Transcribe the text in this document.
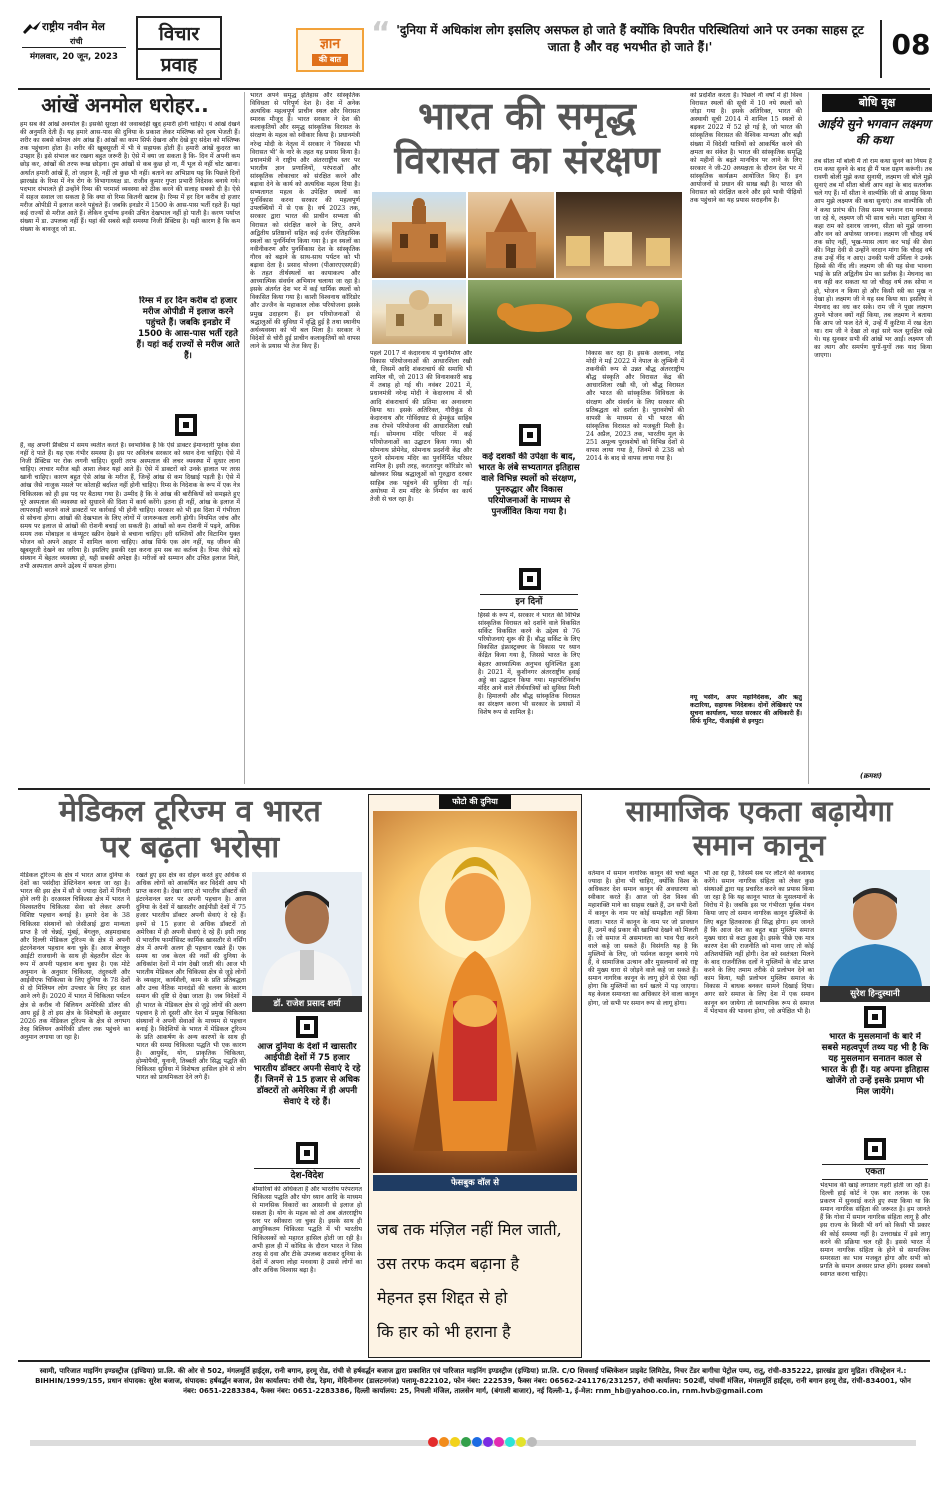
राष्ट्रीय नवीन मेल
रांची
मंगलवार, 20 जून, 2023
विचार
प्रवाह
ज्ञान
की बात
“ 'दुनिया में अधिकांश लोग इसलिए असफल हो जाते हैं क्योंकि विपरीत परिस्थितियां आने पर उनका साहस टूट जाता है और वह भयभीत हो जाते हैं।'	08
आंखें अनमोल धरोहर..
हम सब की आंखें अनमोल हैं। इसकी सुरक्षा की जवाबदेही खुद हमारी होनी चाहिए। ये आंखें देखने की अनुमति देती हैं। यह हमारे आस-पास की दुनिया के प्रकाश लेकर मस्तिष्क को दृश्य भेजती हैं। शरीर का सबसे कोमल अंग आंख हैं। आंखों का काम सिर्फ देखना और देखे हुए संदेश को मस्तिष्क तक पहुंचाना होता है। शरीर की खूबसूरती में भी ये सहायक होती हैं। हमारी आंखें कुदरत का उपहार हैं। इसे संभाल कर रखना बहुत जरूरी है। ऐसे में क्या जा सकता है कि- दिन में अपनी कम छोड़ कर, आंखों की तरफ रूख छोड़ना। तुम आंखों से कब कुछ हो ना, मैं भूल से नहीं चोट खाना। अर्थात हमारी आंखें हैं, तो जहान है, नहीं तो कुछ भी नहीं। बताने का अभिप्राय यह कि पिछले दिनों झारखंड के रिम्स में नेत्र रोग के विभागाध्यक्ष डा. राजीव कुमार गुप्ता प्रभारी निदेशक बनाये गये। पदभार संभालते ही उन्होंने रिम्स की परमार्श व्यवस्था को ठीक करने की सलाह सबको दी है। ऐसे में सहज सवाल जा सकता है कि क्या वो रिम्स कितनी खराब है। रिम्स में हर दिन करीब दो हजार मरीज ओपीडी में इलाज करने पहुंचते हैं। जबकि इनडोर में 1500 के आस-पास भर्ती रहते हैं। यहां कई राज्यों से मरीज आते हैं। लेकिन दुर्भाग्य इनकी उचित देखभाल नहीं हो पाती है। करण पर्याप्त संख्या में डा. उपलब्ध नहीं हैं। यहां की सबसे बड़ी समस्या निजी प्रैक्टिस है। यही कारण है कि कम संख्या के बावजूद जो डा.
रिम्स में हर दिन करीब दो हजार मरीज ओपीडी में इलाज करने पहुंचते हैं। जबकि इनडोर में 1500 के आस-पास भर्ती रहते हैं। यहां कई राज्यों से मरीज आते हैं।
हैं, वह अपनी प्रैक्टिस में समय व्यतीत करते हैं। स्वभाविक है कि ऐसे डाक्टर ईमानदारी पूर्वक सेवा नहीं दे पाते हैं। यह एक गंभीर समस्या है। इस पर अविलंब सरकार को ध्यान देना चाहिए। ऐसे में निजी प्रैक्टिस पर रोक लगनी चाहिए। दूसरी तरफ अस्पताल की लचर व्यवस्था में सुधार लाना चाहिए। लाचार मरीज बड़ी आशा लेकर यहां आते हैं। ऐसे में डाक्टरों को उनके हालात पर तरस खानी चाहिए। कारण बहुत ऐसे आंख के मरीज हैं, जिन्हें आंख से कम दिखाई पड़ती है। ऐसे में आंख जैसे नाजुक मसले पर कोताही बर्दाश्त नहीं होनी चाहिए। रिम्स के निदेशक के रूप में एक नेत्र चिकित्सक को ही इस पद पर बैठाया गया है। उम्मीद है कि वे आंख की बारीकियों को समझते हुए पूरे अस्पताल की व्यवस्था को सुधारने की दिशा में कार्य करेंगे। इतना ही नहीं, आंख के इलाज में लापरवाही बरतने वाले डाक्टरों पर कार्रवाई भी होनी चाहिए। सरकार को भी इस दिशा में गंभीरता से सोचना होगा। आंखों की देखभाल के लिए लोगों में जागरूकता लानी होगी। नियमित जांच और समय पर इलाज से आंखों की रोशनी बचाई जा सकती है। आंखों को कम रोशनी में पढ़ने, अधिक समय तक मोबाइल व कंप्यूटर स्क्रीन देखने से बचाना चाहिए। हरी सब्जियों और विटामिन युक्त भोजन को अपने आहार में शामिल करना चाहिए। आंख सिर्फ एक अंग नहीं, यह जीवन की खूबसूरती देखने का जरिया है। इसलिए इसकी रक्षा करना हम सब का कर्तव्य है। रिम्स जैसे बड़े संस्थान में बेहतर व्यवस्था हो, यही सबकी अपेक्षा है। मरीजों को सम्मान और उचित इलाज मिले, तभी अस्पताल अपने उद्देश्य में सफल होगा।
भारत अपने समृद्ध इतिहास और सांस्कृतिक विविधता से परिपूर्ण देश है। देश में अनेक अत्यधिक महत्वपूर्ण प्राचीन स्थल और विरासत स्मारक मौजूद हैं। भारत सरकार ने देश की कलाकृतियों और समृद्ध सांस्कृतिक विरासत के संरक्षण के महत्व को स्वीकार किया है। प्रधानमंत्री नरेन्द्र मोदी के नेतृत्व में सरकार ने 'विकास भी विरासत भी' के नारे के तहत यह प्रयास किया है। प्रधानमंत्री ने राष्ट्रीय और अंतरराष्ट्रीय स्तर पर भारतीय ज्ञान प्रणालियों, परंपराओं और सांस्कृतिक लोकाचार को संरक्षित करने और बढ़ावा देने के कार्य को अत्यधिक महत्व दिया है। सभ्यतागत महत्व के उपेक्षित स्थलों का पुनर्विकास करना सरकार की महत्वपूर्ण उपलब्धियों में से एक है। वर्ष 2023 तक, सरकार द्वारा भारत की प्राचीन सभ्यता की विरासत को संरक्षित करने के लिए, अपने अद्वितीय प्रतिष्ठानों सहित कई दर्जन ऐतिहासिक स्थलों का पुनर्निर्माण किया गया है। इन स्थलों का नवीनीकरण और पुनर्विकास देश के सांस्कृतिक गौरव को बढ़ाने के साथ-साथ पर्यटन को भी बढ़ावा देता है। प्रसाद योजना (पीआरएएसएडी) के तहत तीर्थस्थलों का कायाकल्प और आध्यात्मिक संवर्धन अभियान चलाया जा रहा है। इसके अंतर्गत देश भर में कई धार्मिक स्थलों को विकसित किया गया है। काशी विश्वनाथ कॉरिडोर और उज्जैन के महाकाल लोक परियोजना इसके प्रमुख उदाहरण हैं। इन परियोजनाओं से श्रद्धालुओं की सुविधा में वृद्धि हुई है तथा स्थानीय अर्थव्यवस्था को भी बल मिला है। सरकार ने विदेशों से चोरी हुई प्राचीन कलाकृतियों को वापस लाने के प्रयास भी तेज किए हैं।
भारत की समृद्ध
विरासत का संरक्षण
पहले 2017 में केदारनाथ में पुनर्निर्माण और विकास परियोजनाओं की आधारशिला रखी थी, जिसमें आदि शंकराचार्य की समाधि भी शामिल थी, जो 2013 की विनाशकारी बाढ़ में तबाह हो गई थी। नवंबर 2021 में, प्रधानमंत्री नरेन्द्र मोदी ने केदारनाथ में श्री आदि शंकराचार्य की प्रतिमा का अनावरण किया था। इसके अतिरिक्त, गौरीकुंड से केदारनाथ और गोविंदघाट से हेमकुंड साहिब तक रोपवे परियोजना की आधारशिला रखी गई। सोमनाथ मंदिर परिसर में कई परियोजनाओं का उद्घाटन किया गया। श्री सोमनाथ प्रोमेनेड, सोमनाथ प्रदर्शनी केंद्र और पुराने सोमनाथ मंदिर का पुनर्निर्मित परिसर शामिल है। इसी तरह, करतारपुर कॉरिडोर को खोलकर सिख श्रद्धालुओं को गुरुद्वारा दरबार साहिब तक पहुंचने की सुविधा दी गई। अयोध्या में राम मंदिर के निर्माण का कार्य तेजी से चल रहा है।
कई दशकों की उपेक्षा के बाद, भारत के लंबे सभ्यतागत इतिहास वाले विभिन्न स्थलों को संरक्षण, पुनरुद्धार और विकास परियोजनाओं के माध्यम से पुनर्जीवित किया गया है।
इन दिनों
हिस्से के रूप में, सरकार ने भारत की विभिन्न सांस्कृतिक विरासत को दर्शाने वाले विकसित सर्किट विकसित करने के उद्देश्य से 76 परियोजनाएं शुरू की हैं। बौद्ध सर्किट के लिए विकसित इंफ्रास्ट्रक्चर के विकास पर ध्यान केंद्रित किया गया है, जिससे भारत के लिए बेहतर आध्यात्मिक अनुभव सुनिश्चित हुआ है। 2021 में, कुशीनगर अंतरराष्ट्रीय हवाई अड्डे का उद्घाटन किया गया। महापरिनिर्वाण मंदिर आने वाले तीर्थयात्रियों को सुविधा मिली है। हिमालयी और बौद्ध सांस्कृतिक विरासत का संरक्षण करना भी सरकार के प्रयासों में विशेष रूप से शामिल है।
विकास कर रहा है। इसके अलावा, नरेंद्र मोदी ने मई 2022 में नेपाल के लुम्बिनी में तकनीकी रूप से उन्नत बौद्ध अंतरराष्ट्रीय बौद्ध संस्कृति और विरासत केंद्र की आधारशिला रखी थी, जो बौद्ध विरासत और भारत की सांस्कृतिक विविधता के संरक्षण और संवर्धन के लिए सरकार की प्रतिबद्धता को दर्शाता है। पुरावशेषों की वापसी के माध्यम से भी भारत की सांस्कृतिक विरासत को मजबूती मिली है। 24 अप्रैल, 2023 तक, भारतीय मूल के 251 अमूल्य पुरावशेषों को विभिन्न देशों से वापस लाया गया है, जिनमें से 238 को 2014 के बाद से वापस लाया गया है।
को प्रदर्शित करता है। पिछले नौ वर्षों में ही विश्व विरासत स्थलों की सूची में 10 नये स्थलों को जोड़ा गया है। इसके अतिरिक्त, भारत की अस्थायी सूची 2014 में शामिल 15 स्थलों से बढ़कर 2022 में 52 हो गई है, जो भारत की सांस्कृतिक विरासत की वैश्विक मान्यता और बढ़ी संख्या में विदेशी यात्रियों को आकर्षित करने की क्षमता का संकेत है। भारत की सांस्कृतिक समृद्धि को महीनों के बढ़ते मानचित्र पर लाने के लिए सरकार ने जी-20 अध्यक्षता के दौरान देश भर में सांस्कृतिक कार्यक्रम आयोजित किए हैं। इन आयोजनों से प्रधान की साख बढ़ी है। भारत की विरासत को संरक्षित करने और इसे भावी पीढ़ियों तक पहुंचाने का यह प्रयास सराहनीय है।
नयू भसीन, अपर महानिदेशक, और ऋतु कटारिया, सहायक निदेशक। दोनों लेखिकाएं पत्र सूचना कार्यालय, भारत सरकार की अधिकारी हैं। सिर्फ यूनिट, पीआईबी से इनपुट।
बोधि वृक्ष
आईये सुने भगवान लक्ष्मण की कथा
तब सीता माँ बोलीं मैं तो राम कथा सुनने का नियम हैं राम कथा सुनने के बाद ही मैं फल ग्रहण करूंगी। तब रावणी बोली मुझे कथा सुनायी, लक्ष्मण जी बोले मुझे सुनाएं तब माँ सीता बोली आप वहां के बाद सतलोक चले गए हैं। माँ सीता ने वाल्मीकि जी से आग्रह किया आप मुझे लक्ष्मण की कथा सुनाएं। तब वाल्मीकि जी ने कथा प्रारंभ की। जिस समय भगवान राम वनवास जा रहे थे, लक्ष्मण जी भी साथ चले। माता सुमित्रा ने कहा राम को दशरथ जानना, सीता को मुझे जानना और वन को अयोध्या जानना। लक्ष्मण जी चौदह वर्ष तक सोए नहीं, भूख-प्यास त्याग कर भाई की सेवा की। निद्रा देवी से उन्होंने वरदान मांगा कि चौदह वर्ष तक उन्हें नींद न आए। उनकी पत्नी उर्मिला ने उनके हिस्से की नींद ली। लक्ष्मण जी की यह सेवा भावना भाई के प्रति अद्वितीय प्रेम का प्रतीक है। मेघनाद का वध वही कर सकता था जो चौदह वर्ष तक सोया न हो, भोजन न किया हो और किसी स्त्री का मुख न देखा हो। लक्ष्मण जी ने यह सब किया था। इसलिए वे मेघनाद का वध कर सके। राम जी ने पूछा लक्ष्मण तुमने भोजन क्यों नहीं किया, तब लक्ष्मण ने बताया कि आप जो फल देते थे, उन्हें मैं कुटिया में रख देता था। राम जी ने देखा तो वहां सारे फल सुरक्षित रखे थे। यह सुनकर सभी की आंखें भर आईं। लक्ष्मण जी का त्याग और समर्पण युगों-युगों तक याद किया जाएगा।
(क्रमशः)
मेडिकल टूरिज्म व भारत
पर बढ़ता भरोसा
मेडिकल टूरिज्म के क्षेत्र में भारत आज दुनिया के देशों का पसंदीदा डेस्टिनेशन बनता जा रहा है। भारत की इस क्षेत्र में सौ से ज्यादा देशों में गिनती होने लगी है। दरअसल चिकित्सा क्षेत्र में भारत ने विश्वस्तरीय चिकित्सा सेवा को लेकर अपनी विशिष्ट पहचान बनाई है। हमारे देश के 38 चिकित्सा संस्थानों को जेसीआई द्वारा मान्यता प्राप्त है जो चेन्नई, मुंबई, बेंगलुरु, अहमदाबाद और दिल्ली मेडिकल टूरिज्म के क्षेत्र में अपनी इंटरनेशनल पहचान बना चुके हैं। आज बेंगलुरु आईटी राजधानी के साथ ही बेहतरीन सेंटर के रूप में अपनी पहचान बना चुका है। एक मोटे अनुमान के अनुसार चिकित्सा, तंदुरुस्ती और आईवीएफ चिकित्सा के लिए दुनिया के 78 देशों से दो मिलियन लोग उपचार के लिए हर साल आने लगे हैं। 2020 में भारत में चिकित्सा पर्यटन क्षेत्र से करीब नौ बिलियन अमेरिकी डॉलर की आय हुई है तो इस क्षेत्र के विशेषज्ञों के अनुसार 2026 तक मेडिकल टूरिज्म के क्षेत्र से लगभग तेरह बिलियन अमेरिकी डॉलर तक पहुंचने का अनुमान लगाया जा रहा है।
रखते हुए इस क्षेत्र का दोहन करते हुए अधिक से अधिक लोगों को आकर्षित कर विदेशी आय भी प्राप्त करना है। देखा जाए तो भारतीय डॉक्टरों की इंटरनेशनल स्तर पर अपनी पहचान है। आज दुनिया के देशों में खासतौर आईपीडी देशों में 75 हजार भारतीय डॉक्टर अपनी सेवाएं दे रहे हैं। इनमें से 15 हजार से अधिक डॉक्टरों तो अमेरिका में ही अपनी सेवाएं दे रहे हैं। इसी तरह से भारतीय फार्मासिस्ट कार्मिक खासतौर से नर्सिंग क्षेत्र में अपनी अलग ही पहचान रखते हैं। एक समय था जब केरल की नर्सों की दुनिया के अधिकांश देशों में मांग देखी जाती थी। आज भी भारतीय मेडिकल और चिकित्सा क्षेत्र से जुड़े लोगों के व्यवहार, कार्यशैली, काम के प्रति प्रतिबद्धता और उच्च नैतिक मानदंडों की चलना के कारण समान की दृष्टि से देखा जाता है। जब विदेशों में ही भारत के मेडिकल क्षेत्र से जुड़े लोगों की अलग पहचान है तो दूसरी और देश में प्रमुख चिकित्सा संस्थानों ने अपनी सेवाओं के माध्यम से पहचान बनाई है। विदेशियों के भारत में मेडिकल टूरिज्म के प्रति आकर्षण के अन्य कारणों के साथ ही भारत की समग्र चिकित्सा पद्धति भी एक कारण है। आयुर्वेद, योग, प्राकृतिक चिकित्सा, होम्योपैथी, यूनानी, तिब्बती और सिद्ध पद्धति की चिकित्सा सुविधा में विशेषता हासिल होने से लोग भारत को प्राथमिकता देने लगे हैं।
डॉ. राजेश प्रसाद शर्मा
आज दुनिया के देशों में खासतौर आईपीडी देशों में 75 हजार भारतीय डॉक्टर अपनी सेवाएं दे रहे हैं। जिनमें से 15 हजार से अधिक डॉक्टरों तो अमेरिका में ही अपनी सेवाएं दे रहे हैं।
देश-विदेश
बीमारियों की अधिकता है और भारतीय परंपरागत चिकित्सा पद्धति और योग ध्यान आदि के माध्यम से मानसिक विकारों का आसानी से इलाज हो सकता है। योग के महत्व को तो अब अंतरराष्ट्रीय स्तर पर स्वीकारा जा चुका है। इसके साथ ही आधुनिकतम चिकित्सा पद्धति में भी भारतीय चिकित्सकों को महारत हासिल होती जा रही है। अभी हाल ही में कोविड के दौरान भारत ने जिस तरह से दवा और टीके उपलब्ध कराकर दुनिया के देशों में अपना लोहा मनवाया है उससे लोगों का और अधिक विश्वास बढ़ा है।
फोटो की दुनिया
फेसबुक वॉल से
जब तक मंज़िल नहीं मिल जाती,
उस तरफ कदम बढ़ाना है
मेहनत इस शिद्दत से हो
कि हार को भी हराना है
सामाजिक एकता बढ़ायेगा
समान कानून
वर्तमान में समान नागरिक कानून की चर्चा बहुत ज्यादा है। होना भी चाहिए, क्योंकि विश्व के अधिकतर देश समान कानून की अवधारणा को स्वीकार करते हैं। आज जो देश विश्व की महाशक्ति माने का साहस रखते हैं, उन सभी देशों में कानून के नाम पर कोई समझौता नहीं किया जाता। भारत में कानून के नाम पर जो प्रावधान हैं, उनमें कई प्रकार की खामियां देखने को मिलती हैं। जो समाज में असमानता का भाव पैदा करने वाले कहे जा सकते हैं। विसंगति यह है कि मुस्लिमों के लिए, जो पर्सनल कानून बनाये गये हैं, वे सामाजिक उत्थान और मुसलमानों को राष्ट्र की मुख्य धारा से जोड़ने वाले कहे जा सकते हैं। समान नागरिक कानून के लागू होने से ऐसा नहीं होगा कि मुस्लिमों का धर्म खतरे में पड़ जाएगा। यह केवल समानता का अधिकार देने वाला कानून होगा, जो सभी पर समान रूप से लागू होगा।
भी आ रहा है, जिसमें सब पर लौटने की कवायद करेंगे। समान नागरिक संहिता को लेकर कुछ संस्थाओं द्वारा यह प्रचारित करने का प्रयास किया जा रहा है कि यह कानून भारत के मुसलमानों के विरोध में है। जबकि इस पर गंभीरता पूर्वक मंथन किया जाए तो समान नागरिक कानून मुस्लिमों के लिए बहुत हितकारक ही सिद्ध होगा। हम जानते हैं कि आज देश का बहुत बड़ा मुस्लिम समाज मुख्य धारा से कटा हुआ है। इसके पीछे एक मात्र कारण देश की राजनीति को माना जाए तो कोई अतिशयोक्ति नहीं होगी। देश को स्वतंत्रता मिलने के बाद राजनीतिक दलों ने मुस्लिमों के वोट प्राप्त करने के लिए तमाम तरीके से प्रलोभन देने का काम किया, यही प्रलोभन मुस्लिम समाज के विकास में बाधक बनकर सामने दिखाई दिया। अगर सारे समाज के लिए देश में एक समान कानून बन जायेगा तो स्वाभाविक रूप से समाज में भेदभाव की भावना होगा, जो अपेक्षित भी है।
सुरेश हिन्दुस्थानी
भारत के मुसलमानों के बारे में सबसे महत्वपूर्ण तथ्य यह भी है कि यह मुसलमान सनातन काल से भारत के ही हैं। यह अपना इतिहास खोजेंगे तो उन्हें इसके प्रमाण भी मिल जायेंगे।
एकता
भेदभाव की खाई लगातार गहरी होती जा रही है। दिल्ली हाई कोर्ट ने एक बार तलाक के एक प्रकरण में सुनवाई करते हुए स्पष्ट किया था कि समान नागरिक संहिता की जरूरत है। हम जानते हैं कि गोवा में समान नागरिक संहिता लागू है और इस राज्य के किसी भी वर्ग को किसी भी प्रकार की कोई समस्या नहीं है। उत्तराखंड में इसे लागू करने की प्रक्रिया चल रही है। इससे भारत में समान नागरिक संहिता के होने से सामाजिक समरसता का भाव मजबूत होगा और सभी को प्रगति के समान अवसर प्राप्त होंगे। इसका सबको स्वागत करना चाहिए।
स्वामी, पारिजात माइनिंग इण्डस्ट्रीज (इण्डिया) प्रा.लि. की ओर से 502, मंगलमूर्ति हाईट्स, रानी बगान, हरमू रोड, रांची से हर्षवर्द्धन बजाज द्वारा प्रकाशित एवं पारिजात माइनिंग इण्डस्ट्रीज (इण्डिया) प्रा.लि. C/O शिवसाईं पब्लिकेशन प्राइवेट लिमिटेड, निचर टेंडर बागीचा पेट्रोल पम्प, रातू, रांची-835222, झारखंड द्वारा मुद्रित। रजिस्ट्रेशन नं.: BIHHIN/1999/155, प्रधान संपादक: सुरेश बजाज, संपादक: हर्षवर्द्धन बजाज, प्रेस कार्यालय: रांची रोड, रेड़मा, मेदिनीनगर (डालटनगंज) पलामू-822102, फोन नंबर: 222539, फैक्स नंबर: 06562-241176/231257, रांची कार्यालय: 502वीं, पांचवीं मंजिल, मंगलमूर्ति हाईट्स, रानी बगान हरमू रोड, रांची-834001, फोन नंबर: 0651-2283384, फैक्स नंबर: 0651-2283386, दिल्ली कार्यालय: 25, निचली मंजिल, तालसेन मार्ग, (बंगाली बाजार), नई दिल्ली-1, ई-मेल: rnm_hb@yahoo.co.in, rnm.hvb@gmail.com
